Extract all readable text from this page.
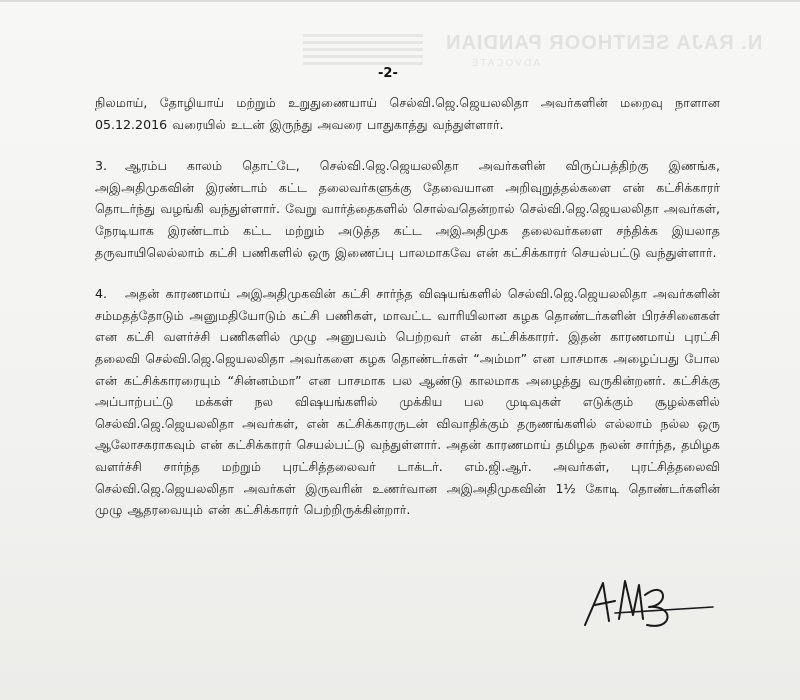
N. RAJA SENTHOOR PANDIAN
ADVOCATE
-2-

நிலமாய், தோழியாய் மற்றும் உறுதுணையாய் செல்வி.ஜெ.ஜெயலலிதா அவர்களின் மறைவு நாளான 05.12.2016 வரையில் உடன் இருந்து அவரை பாதுகாத்து வந்துள்ளார்.

3. ஆரம்ப காலம் தொட்டே, செல்வி.ஜெ.ஜெயலலிதா அவர்களின் விருப்பத்திற்கு இணங்க, அஇஅதிமுகவின் இரண்டாம் கட்ட தலைவர்களுக்கு தேவையான அறிவுறுத்தல்களை என் கட்சிக்காரர் தொடர்ந்து வழங்கி வந்துள்ளார். வேறு வார்த்தைகளில் சொல்வதென்றால் செல்வி.ஜெ.ஜெயலலிதா அவர்கள், நேரடியாக இரண்டாம் கட்ட மற்றும் அடுத்த கட்ட அஇஅதிமுக தலைவர்களை சந்திக்க இயலாத தருவாயிலெல்லாம் கட்சி பணிகளில் ஒரு இணைப்பு பாலமாகவே என் கட்சிக்காரர் செயல்பட்டு வந்துள்ளார்.

4. அதன் காரணமாய் அஇஅதிமுகவின் கட்சி சார்ந்த விஷயங்களில் செல்வி.ஜெ.ஜெயலலிதா அவர்களின் சம்மதத்தோடும் அனுமதியோடும் கட்சி பணிகள், மாவட்ட வாரியிலான கழக தொண்டர்களின் பிரச்சினைகள் என கட்சி வளர்ச்சி பணிகளில் முழு அனுபவம் பெற்றவர் என் கட்சிக்காரர். இதன் காரணமாய் புரட்சி தலைவி செல்வி.ஜெ.ஜெயலலிதா அவர்களை கழக தொண்டர்கள் “அம்மா” என பாசமாக அழைப்பது போல என் கட்சிக்காரரையும் “சின்னம்மா” என பாசமாக பல ஆண்டு காலமாக அழைத்து வருகின்றனர். கட்சிக்கு அப்பாற்பட்டு மக்கள் நல விஷயங்களில் முக்கிய பல முடிவுகள் எடுக்கும் சூழல்களில் செல்வி.ஜெ.ஜெயலலிதா அவர்கள், என் கட்சிக்காரருடன் விவாதிக்கும் தருணங்களில் எல்லாம் நல்ல ஒரு ஆலோசகராகவும் என் கட்சிக்காரர் செயல்பட்டு வந்துள்ளார். அதன் காரணமாய் தமிழக நலன் சார்ந்த, தமிழக வளர்ச்சி சார்ந்த மற்றும் புரட்சித்தலைவர் டாக்டர். எம்.ஜி.ஆர். அவர்கள், புரட்சித்தலைவி செல்வி.ஜெ.ஜெயலலிதா அவர்கள் இருவரின் உணர்வான அஇஅதிமுகவின் 1½ கோடி தொண்டர்களின் முழு ஆதரவையும் என் கட்சிக்காரர் பெற்றிருக்கின்றார்.
